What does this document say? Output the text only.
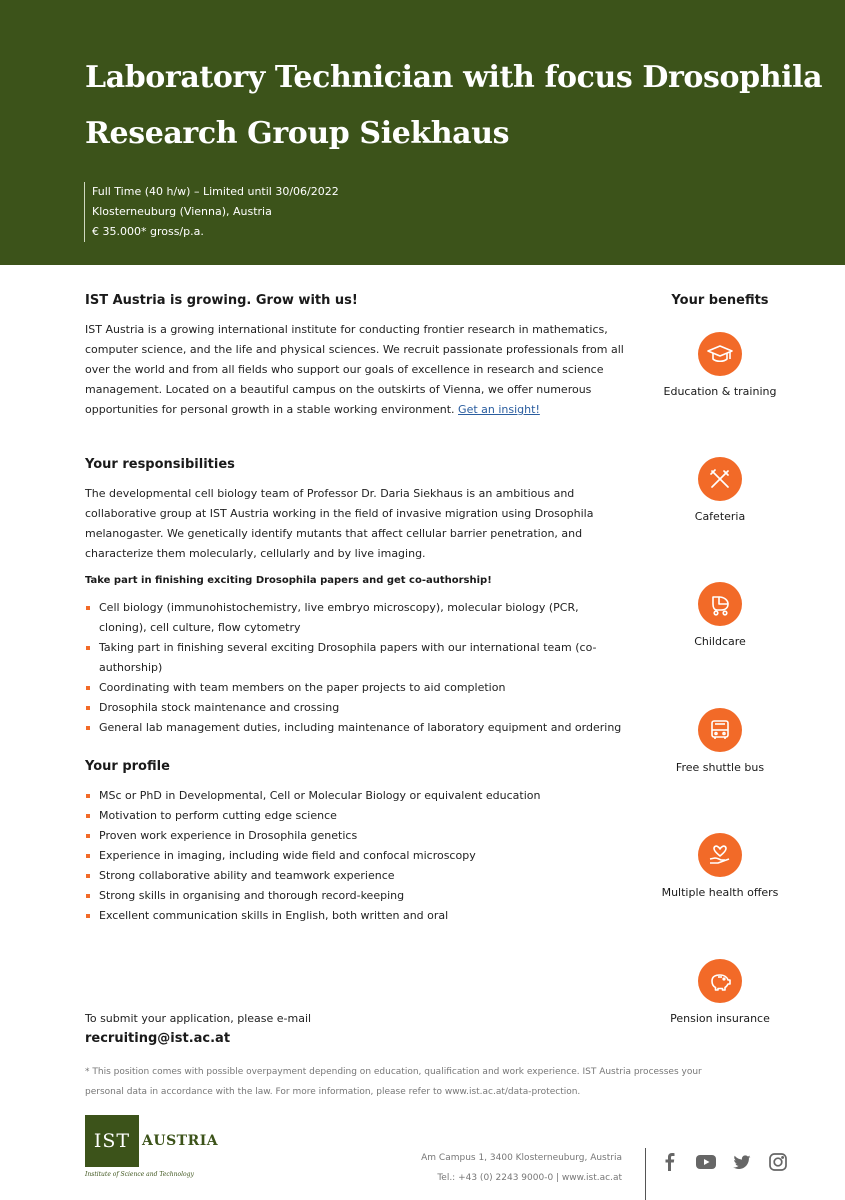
Laboratory Technician with focus Drosophila
Research Group Siekhaus
Full Time (40 h/w) – Limited until 30/06/2022
Klosterneuburg (Vienna), Austria
€ 35.000* gross/p.a.
IST Austria is growing. Grow with us!

IST Austria is a growing international institute for conducting frontier research in mathematics, computer science, and the life and physical sciences. We recruit passionate professionals from all over the world and from all fields who support our goals of excellence in research and science management. Located on a beautiful campus on the outskirts of Vienna, we offer numerous opportunities for personal growth in a stable working environment. Get an insight!

Your responsibilities

The developmental cell biology team of Professor Dr. Daria Siekhaus is an ambitious and collaborative group at IST Austria working in the field of invasive migration using Drosophila melanogaster. We genetically identify mutants that affect cellular barrier penetration, and characterize them molecularly, cellularly and by live imaging.

Take part in finishing exciting Drosophila papers and get co-authorship!
Cell biology (immunohistochemistry, live embryo microscopy), molecular biology (PCR, cloning), cell culture, flow cytometry
Taking part in finishing several exciting Drosophila papers with our international team (co-authorship)
Coordinating with team members on the paper projects to aid completion
Drosophila stock maintenance and crossing
General lab management duties, including maintenance of laboratory equipment and ordering
Your profile
MSc or PhD in Developmental, Cell or Molecular Biology or equivalent education
Motivation to perform cutting edge science
Proven work experience in Drosophila genetics
Experience in imaging, including wide field and confocal microscopy
Strong collaborative ability and teamwork experience
Strong skills in organising and thorough record-keeping
Excellent communication skills in English, both written and oral
To submit your application, please e-mail
recruiting@ist.ac.at
* This position comes with possible overpayment depending on education, qualification and work experience. IST Austria processes your personal data in accordance with the law. For more information, please refer to www.ist.ac.at/data-protection.
Your benefits
Education & training
Cafeteria
Childcare
Free shuttle bus
Multiple health offers
Pension insurance
IST AUSTRIA
Institute of Science and Technology
Am Campus 1, 3400 Klosterneuburg, Austria
Tel.: +43 (0) 2243 9000-0 | www.ist.ac.at
